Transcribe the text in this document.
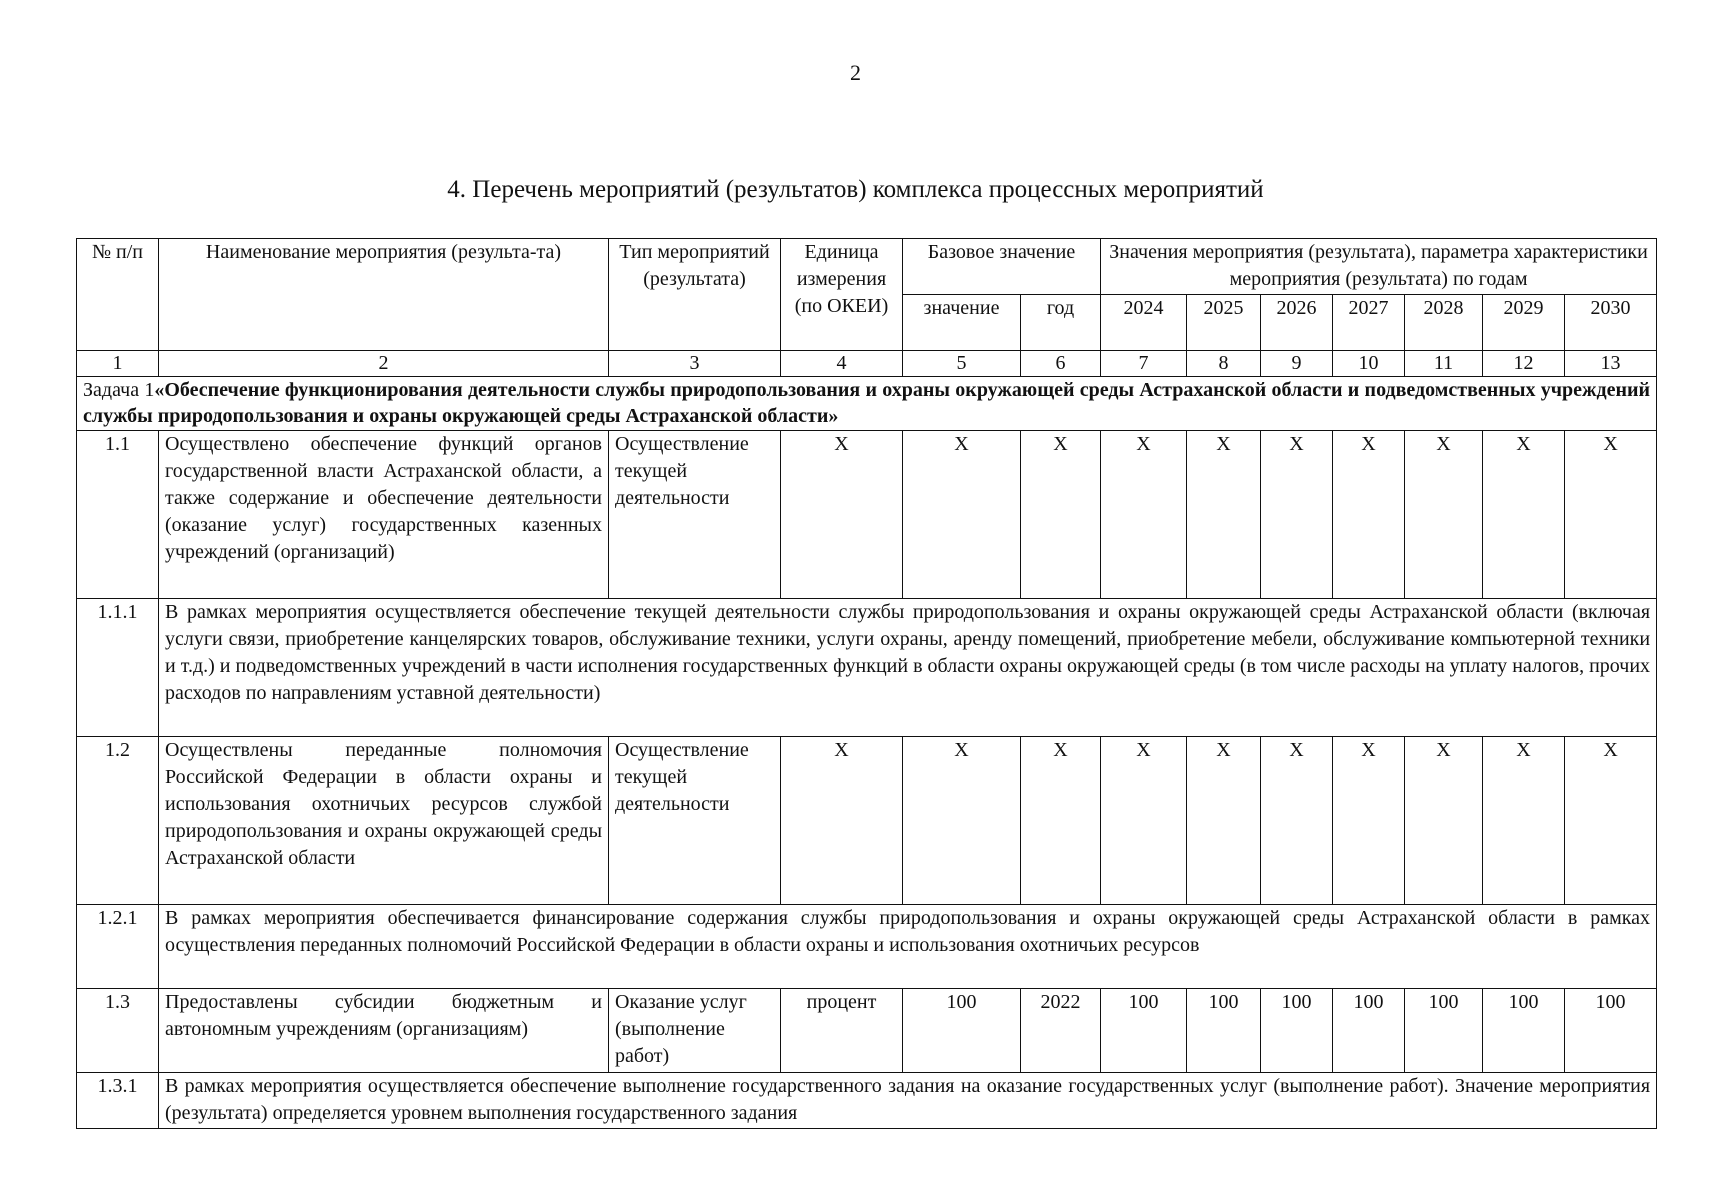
2
4. Перечень мероприятий (результатов) комплекса процессных мероприятий
№ п/п	Наименование мероприятия (результа-та)	Тип мероприятий (результата)	Единица измерения (по ОКЕИ)	Базовое значение		Значения мероприятия (результата), параметра характеристики мероприятия (результата) по годам						
				значение	год	2024	2025	2026	2027	2028	2029	2030
1	2	3	4	5	6	7	8	9	10	11	12	13
Задача 1«Обеспечение функционирования деятельности службы природопользования и охраны окружающей среды Астраханской области и подведомственных учреждений службы природопользования и охраны окружающей среды Астраханской области»												
1.1	Осуществлено обеспечение функций органов государственной власти Астраханской области, а также содержание и обеспечение деятельности (оказание услуг) государственных казенных учреждений (организаций)	Осуществление текущей деятельности	Х	Х	Х	Х	Х	Х	Х	Х	Х	Х
1.1.1	В рамках мероприятия осуществляется обеспечение текущей деятельности службы природопользования и охраны окружающей среды Астраханской области (включая услуги связи, приобретение канцелярских товаров, обслуживание техники, услуги охраны, аренду помещений, приобретение мебели, обслуживание компьютерной техники и т.д.) и подведомственных учреждений в части исполнения государственных функций в области охраны окружающей среды (в том числе расходы на уплату налогов, прочих расходов по направлениям уставной деятельности)											
1.2	Осуществлены переданные полномочия Российской Федерации в области охраны и использования охотничьих ресурсов службой природопользования и охраны окружающей среды Астраханской области	Осуществление текущей деятельности	Х	Х	Х	Х	Х	Х	Х	Х	Х	Х
1.2.1	В рамках мероприятия обеспечивается финансирование содержания службы природопользования и охраны окружающей среды Астраханской области в рамках осуществления переданных полномочий Российской Федерации в области охраны и использования охотничьих ресурсов											
1.3	Предоставлены субсидии бюджетным и автономным учреждениям (организациям)	Оказание услуг (выполнение работ)	процент	100	2022	100	100	100	100	100	100	100
1.3.1	В рамках мероприятия осуществляется обеспечение выполнение государственного задания на оказание государственных услуг (выполнение работ). Значение мероприятия (результата) определяется уровнем выполнения государственного задания											
